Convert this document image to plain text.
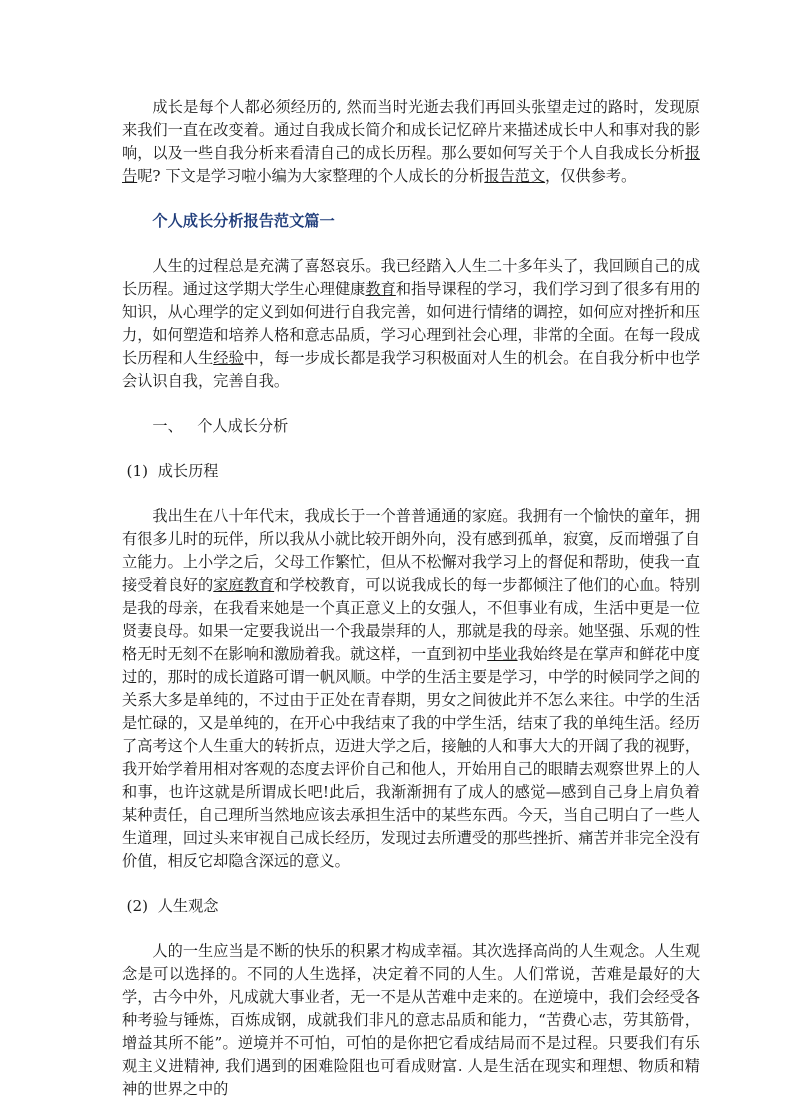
成长是每个人都必须经历的, 然而当时光逝去我们再回头张望走过的路时，发现原来我们一直在改变着。通过自我成长简介和成长记忆碎片来描述成长中人和事对我的影响，以及一些自我分析来看清自己的成长历程。那么要如何写关于个人自我成长分析报告呢? 下文是学习啦小编为大家整理的个人成长的分析报告范文，仅供参考。

个人成长分析报告范文篇一

人生的过程总是充满了喜怒哀乐。我已经踏入人生二十多年头了，我回顾自己的成长历程。通过这学期大学生心理健康教育和指导课程的学习，我们学习到了很多有用的知识，从心理学的定义到如何进行自我完善，如何进行情绪的调控，如何应对挫折和压力，如何塑造和培养人格和意志品质，学习心理到社会心理，非常的全面。在每一段成长历程和人生经验中，每一步成长都是我学习积极面对人生的机会。在自我分析中也学会认识自我，完善自我。

一、   个人成长分析

(1)  成长历程

我出生在八十年代末，我成长于一个普普通通的家庭。我拥有一个愉快的童年，拥有很多儿时的玩伴，所以我从小就比较开朗外向，没有感到孤单，寂寞，反而增强了自立能力。上小学之后，父母工作繁忙，但从不松懈对我学习上的督促和帮助，使我一直接受着良好的家庭教育和学校教育，可以说我成长的每一步都倾注了他们的心血。特别是我的母亲，在我看来她是一个真正意义上的女强人，不但事业有成，生活中更是一位贤妻良母。如果一定要我说出一个我最崇拜的人，那就是我的母亲。她坚强、乐观的性格无时无刻不在影响和激励着我。就这样，一直到初中毕业我始终是在掌声和鲜花中度过的，那时的成长道路可谓一帆风顺。中学的生活主要是学习，中学的时候同学之间的关系大多是单纯的，不过由于正处在青春期，男女之间彼此并不怎么来往。中学的生活是忙碌的，又是单纯的，在开心中我结束了我的中学生活，结束了我的单纯生活。经历了高考这个人生重大的转折点，迈进大学之后，接触的人和事大大的开阔了我的视野，我开始学着用相对客观的态度去评价自己和他人，开始用自己的眼睛去观察世界上的人和事，也许这就是所谓成长吧!此后，我渐渐拥有了成人的感觉—感到自己身上肩负着某种责任，自己理所当然地应该去承担生活中的某些东西。今天，当自己明白了一些人生道理，回过头来审视自己成长经历，发现过去所遭受的那些挫折、痛苦并非完全没有价值，相反它却隐含深远的意义。

(2)  人生观念

人的一生应当是不断的快乐的积累才构成幸福。其次选择高尚的人生观念。人生观念是可以选择的。不同的人生选择，决定着不同的人生。人们常说，苦难是最好的大学，古今中外，凡成就大事业者，无一不是从苦难中走来的。在逆境中，我们会经受各种考验与锤炼，百炼成钢，成就我们非凡的意志品质和能力，“苦费心志，劳其筋骨，增益其所不能”。逆境并不可怕，可怕的是你把它看成结局而不是过程。只要我们有乐观主义进精神, 我们遇到的困难险阻也可看成财富. 人是生活在现实和理想、物质和精神的世界之中的
